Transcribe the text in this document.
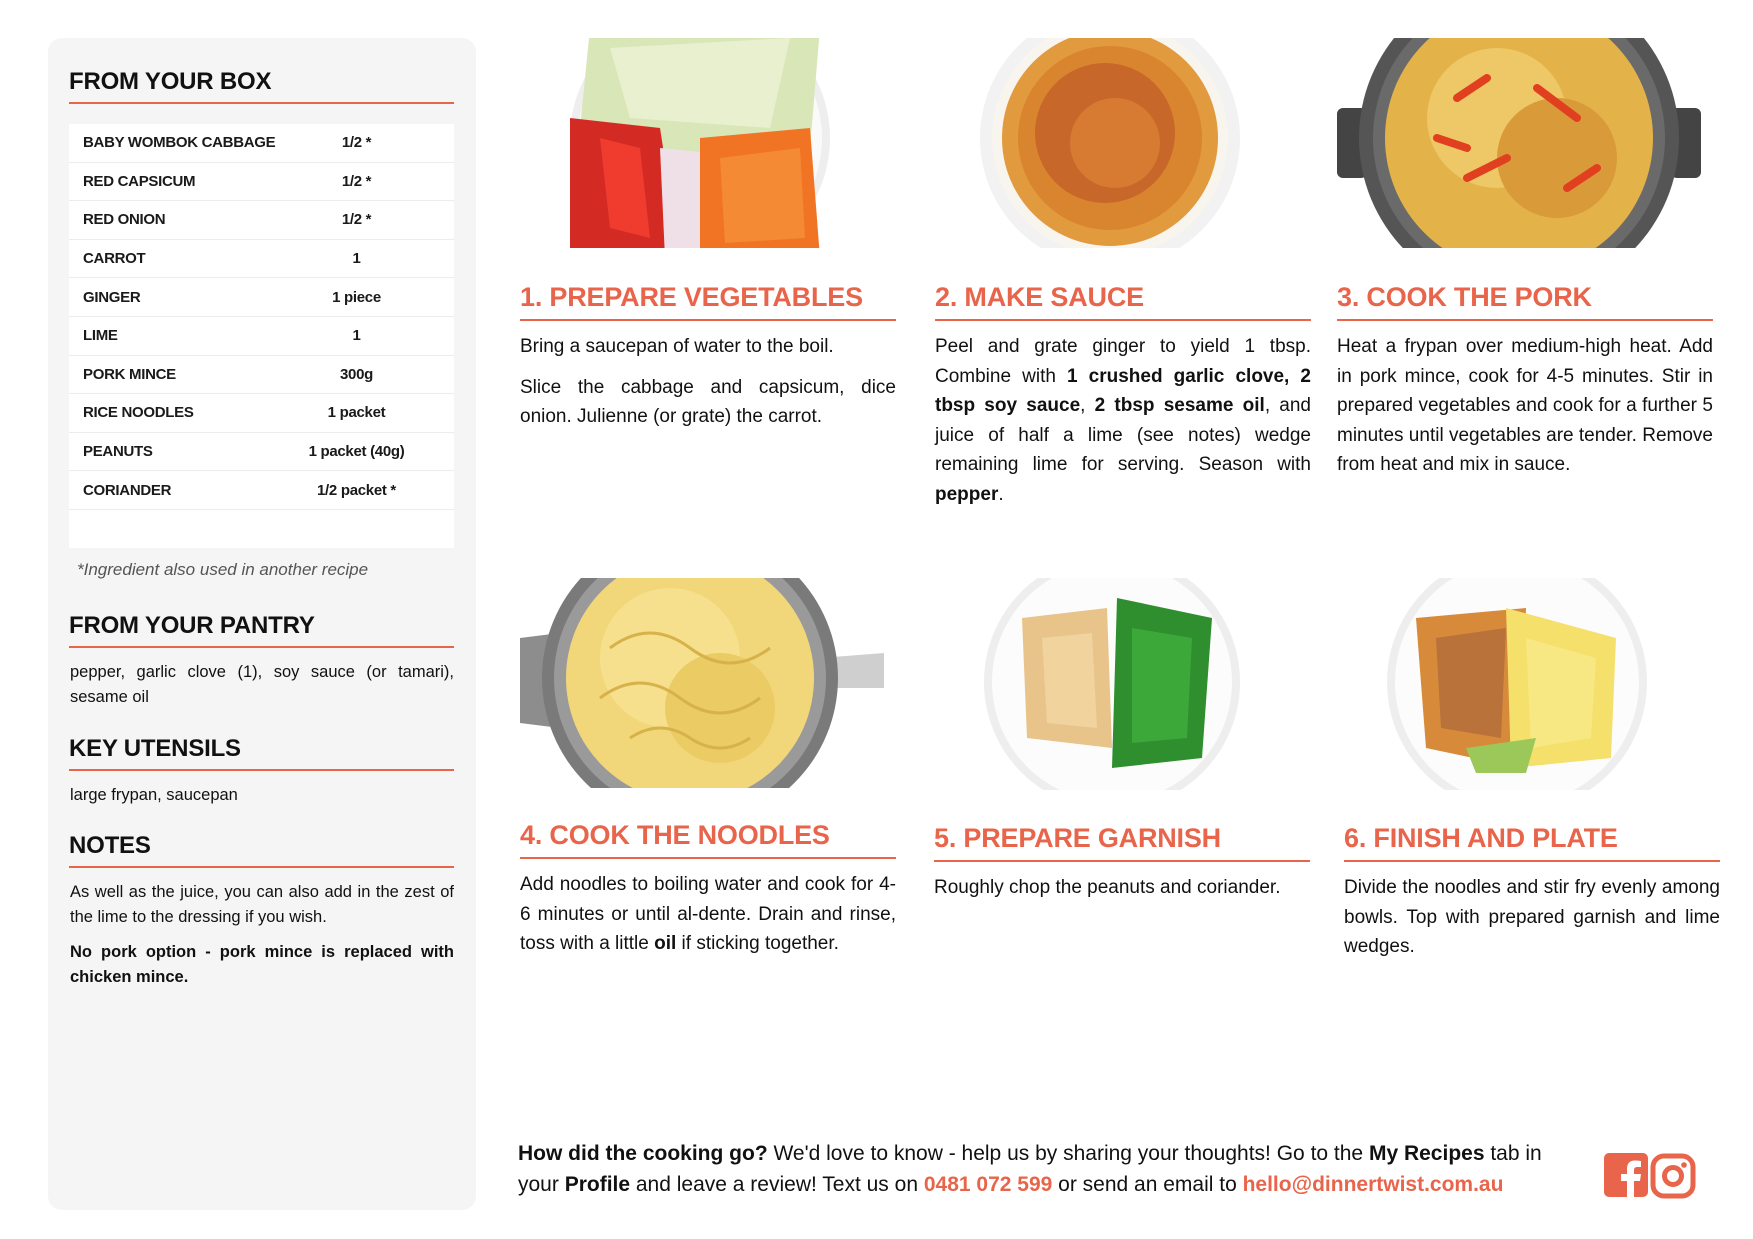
FROM YOUR BOX
BABY WOMBOK CABBAGE	1/2 *
RED CAPSICUM	1/2 *
RED ONION	1/2 *
CARROT	1
GINGER	1 piece
LIME	1
PORK MINCE	300g
RICE NOODLES	1 packet
PEANUTS	1 packet (40g)
CORIANDER	1/2 packet *
*Ingredient also used in another recipe
FROM YOUR PANTRY
pepper, garlic clove (1), soy sauce (or tamari), sesame oil
KEY UTENSILS
large frypan, saucepan
NOTES
As well as the juice, you can also add in the zest of the lime to the dressing if you wish.
No pork option - pork mince is replaced with chicken mince.
1. PREPARE VEGETABLES
Bring a saucepan of water to the boil.
Slice the cabbage and capsicum, dice onion. Julienne (or grate) the carrot.
2. MAKE SAUCE
Peel and grate ginger to yield 1 tbsp. Combine with 1 crushed garlic clove, 2 tbsp soy sauce, 2 tbsp sesame oil, and juice of half a lime (see notes) wedge remaining lime for serving. Season with pepper.
3. COOK THE PORK
Heat a frypan over medium-high heat. Add in pork mince, cook for 4-5 minutes. Stir in prepared vegetables and cook for a further 5 minutes until vegetables are tender. Remove from heat and mix in sauce.
4. COOK THE NOODLES
Add noodles to boiling water and cook for 4-6 minutes or until al-dente. Drain and rinse, toss with a little oil if sticking together.
5. PREPARE GARNISH
Roughly chop the peanuts and coriander.
6. FINISH AND PLATE
Divide the noodles and stir fry evenly among bowls. Top with prepared garnish and lime wedges.
How did the cooking go? We'd love to know - help us by sharing your thoughts! Go to the My Recipes tab in your Profile and leave a review! Text us on 0481 072 599 or send an email to hello@dinnertwist.com.au
